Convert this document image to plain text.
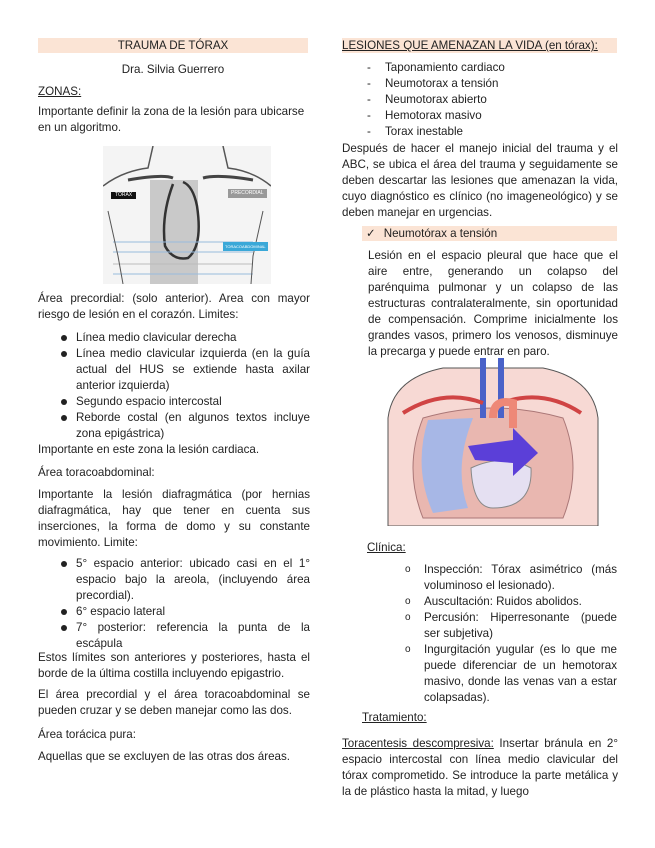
TRAUMA DE TÓRAX
Dra. Silvia Guerrero
ZONAS:
Importante definir la zona de la lesión para ubicarse en un algoritmo.
TORAX	PRECORDIAL
TORACOABDOMINAL
Área precordial: (solo anterior). Area con mayor riesgo de lesión en el corazón. Limites:
Línea medio clavicular derecha
Línea medio clavicular izquierda (en la guía actual del HUS se extiende hasta axilar anterior izquierda)
Segundo espacio intercostal
Reborde costal (en algunos textos incluye zona epigástrica)
Importante en este zona la lesión cardiaca.
Área toracoabdominal:
Importante la lesión diafragmática (por hernias diafragmática, hay que tener en cuenta sus inserciones, la forma de domo y su constante movimiento. Limite:
5° espacio anterior: ubicado casi en el 1° espacio bajo la areola, (incluyendo área precordial).
6° espacio lateral
7° posterior: referencia la punta de la escápula
Estos límites son anteriores y posteriores, hasta el borde de la última costilla incluyendo epigastrio.
El área precordial y el área toracoabdominal se pueden cruzar y se deben manejar como las dos.
Área torácica pura:
Aquellas que se excluyen de las otras dos áreas.
LESIONES QUE AMENAZAN LA VIDA (en tórax):
- Taponamiento cardiaco
- Neumotorax a tensión
- Neumotorax abierto
- Hemotorax masivo
- Torax inestable
Después de hacer el manejo inicial del trauma y el ABC, se ubica el área del trauma y seguidamente se deben descartar las lesiones que amenazan la vida, cuyo diagnóstico es clínico (no imageneológico) y se deben manejar en urgencias.
✓ Neumotórax a tensión
Lesión en el espacio pleural que hace que el aire entre, generando un colapso del parénquima pulmonar y un colapso de las estructuras contralateralmente, sin oportunidad de compensación. Comprime inicialmente los grandes vasos, primero los venosos, disminuye la precarga y puede entrar en paro.
Clínica:
o Inspección: Tórax asimétrico (más voluminoso el lesionado).
o Auscultación: Ruidos abolidos.
o Percusión: Hiperresonante (puede ser subjetiva)
o Ingurgitación yugular (es lo que me puede diferenciar de un hemotorax masivo, donde las venas van a estar colapsadas).
Tratamiento:
Toracentesis descompresiva: Insertar bránula en 2° espacio intercostal con línea medio clavicular del tórax comprometido. Se introduce la parte metálica y la de plástico hasta la mitad, y luego
